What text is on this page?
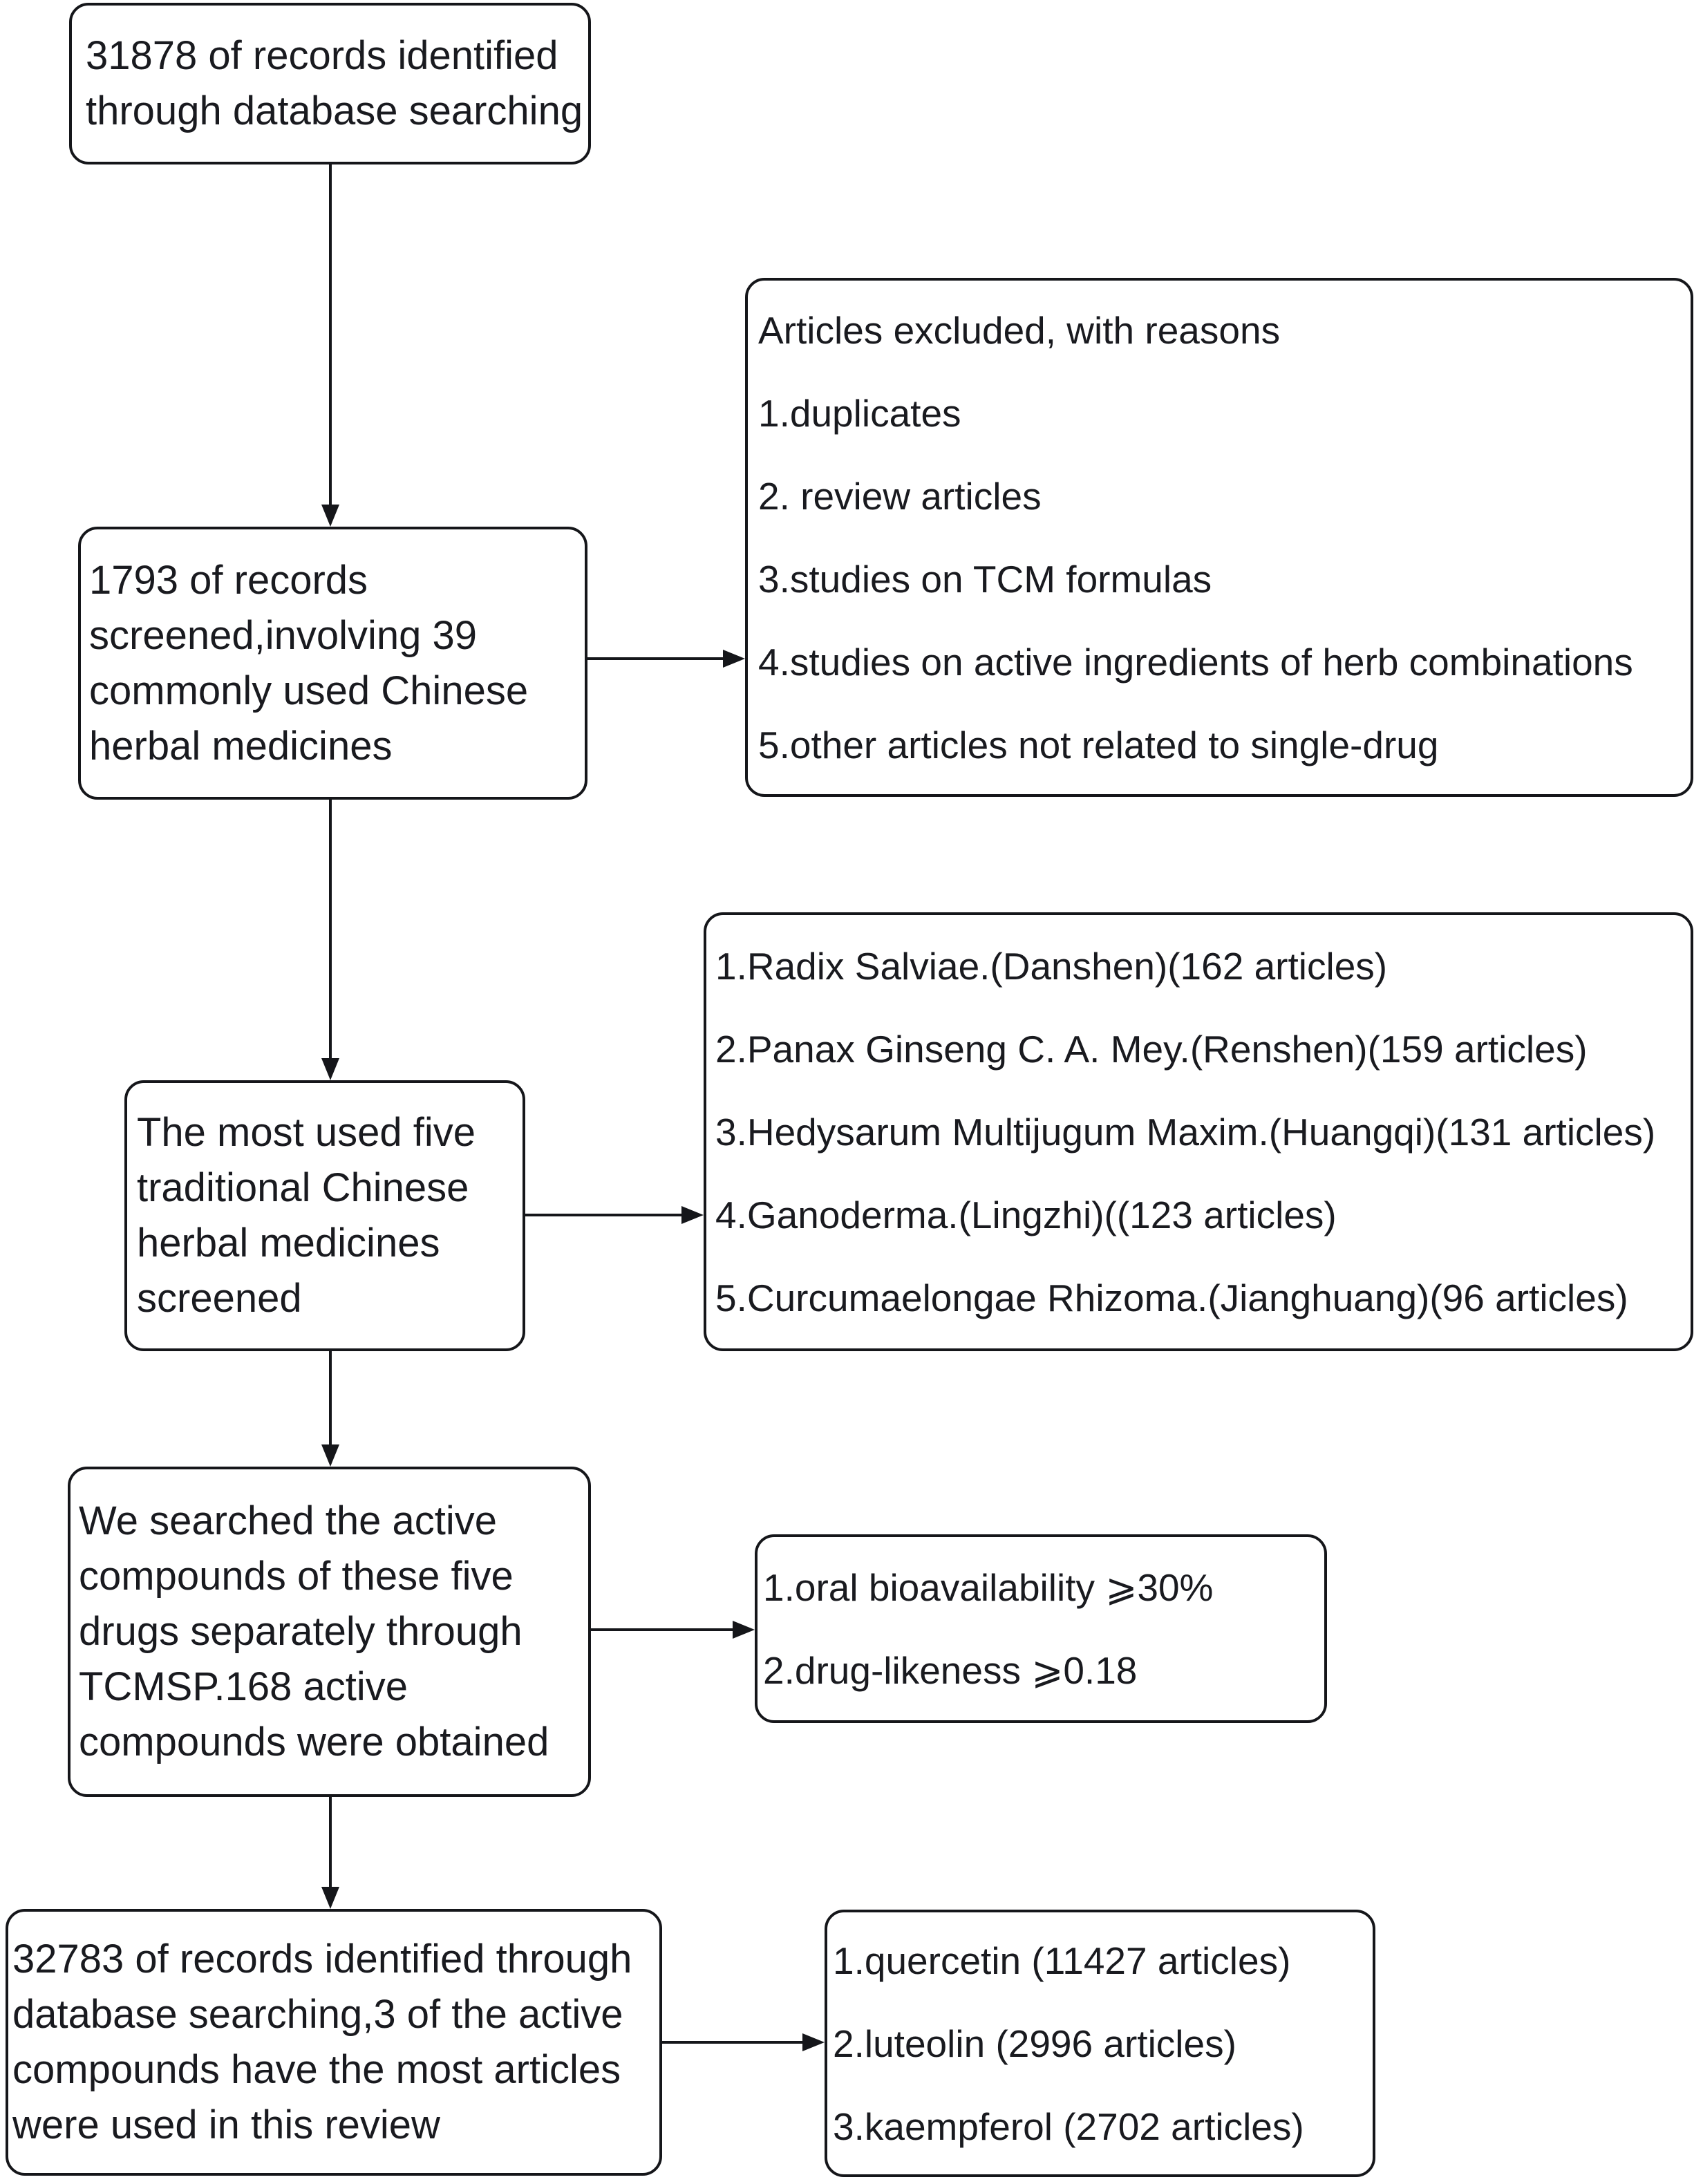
31878 of records identified
through database searching
1793 of records
screened,involving 39
commonly used Chinese
herbal medicines
Articles excluded, with reasons
1.duplicates
2. review articles
3.studies on TCM formulas
4.studies on active ingredients of herb combinations
5.other articles not related to single-drug
The most used five
traditional Chinese
herbal medicines
screened
1.Radix Salviae.(Danshen)(162 articles)
2.Panax Ginseng C. A. Mey.(Renshen)(159 articles)
3.Hedysarum Multijugum Maxim.(Huangqi)(131 articles)
4.Ganoderma.(Lingzhi)((123 articles)
5.Curcumaelongae Rhizoma.(Jianghuang)(96 articles)
We searched the active
compounds of these five
drugs separately through
TCMSP.168 active
compounds were obtained
1.oral bioavailability ⩾30%
2.drug-likeness ⩾0.18
32783 of records identified through
database searching,3 of the active
compounds have the most articles
were used in this review
1.quercetin (11427 articles)
2.luteolin (2996 articles)
3.kaempferol (2702 articles)
